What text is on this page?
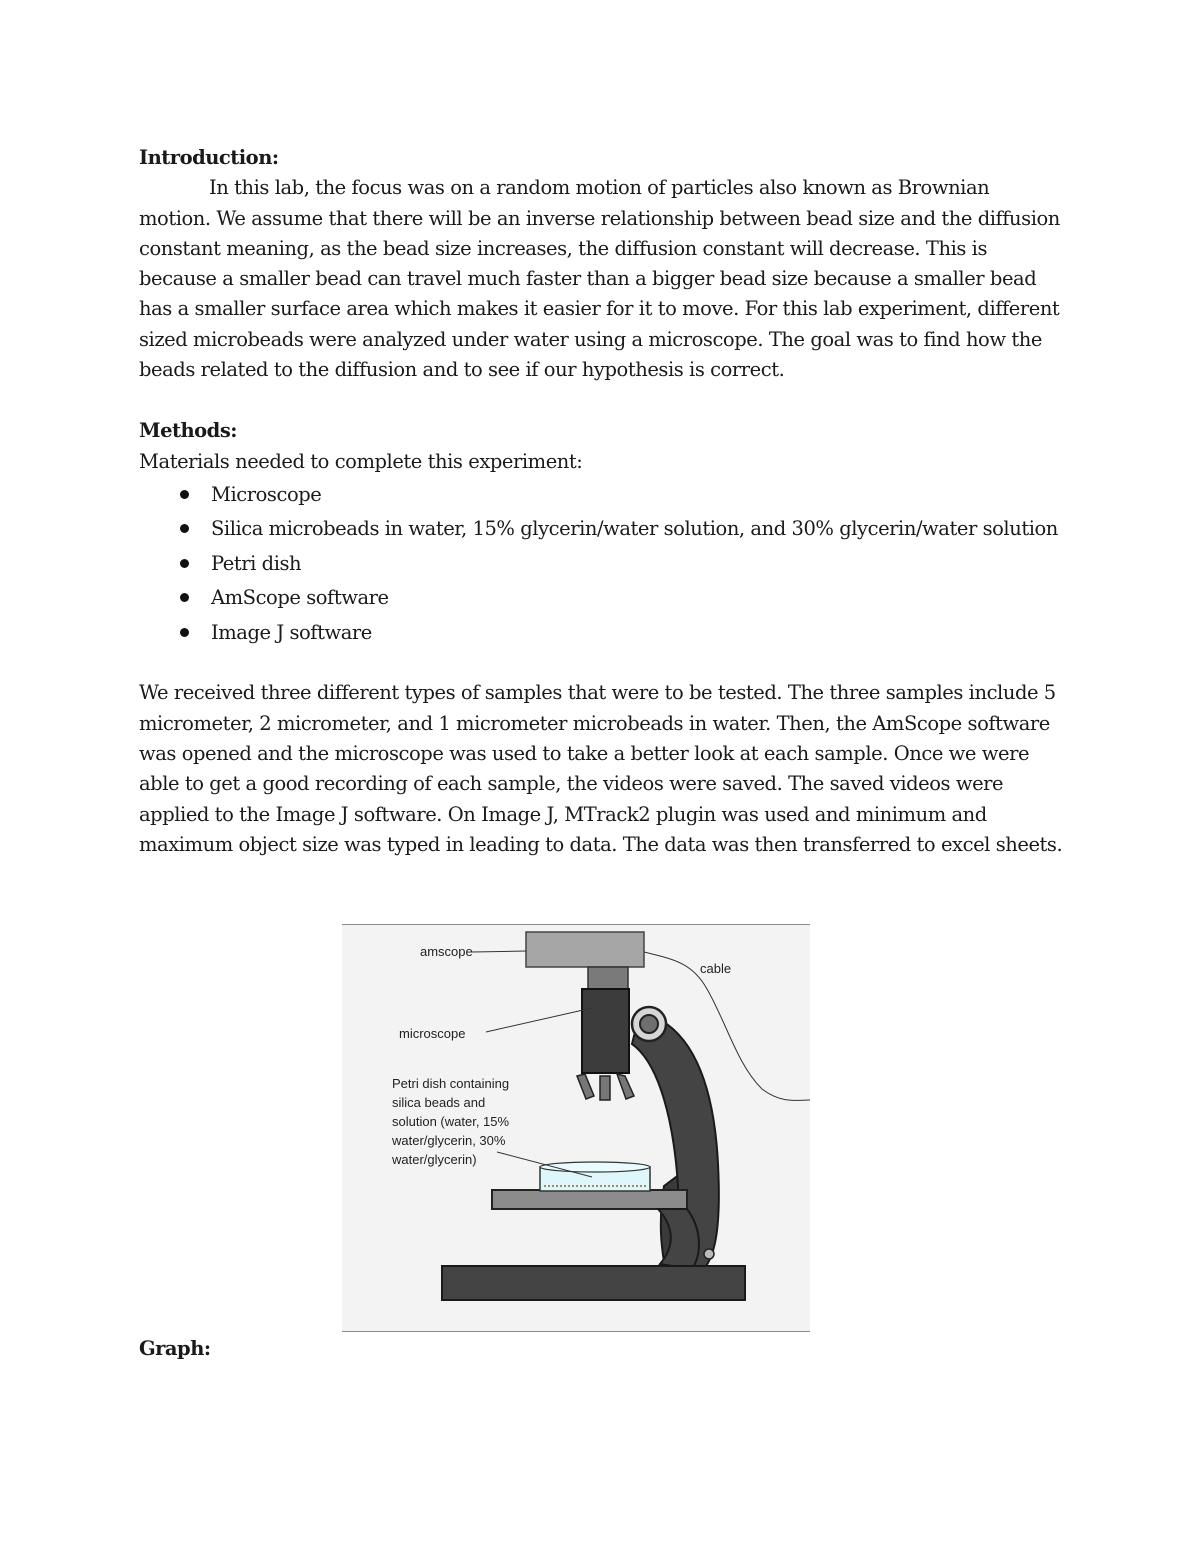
Introduction:

In this lab, the focus was on a random motion of particles also known as Brownian motion. We assume that there will be an inverse relationship between bead size and the diffusion constant meaning, as the bead size increases, the diffusion constant will decrease. This is because a smaller bead can travel much faster than a bigger bead size because a smaller bead has a smaller surface area which makes it easier for it to move. For this lab experiment, different sized microbeads were analyzed under water using a microscope. The goal was to find how the beads related to the diffusion and to see if our hypothesis is correct.

Methods:

Materials needed to complete this experiment:

Microscope
Silica microbeads in water, 15% glycerin/water solution, and 30% glycerin/water solution
Petri dish
AmScope software
Image J software

We received three different types of samples that were to be tested. The three samples include 5 micrometer, 2 micrometer, and 1 micrometer microbeads in water. Then, the AmScope software was opened and the microscope was used to take a better look at each sample. Once we were able to get a good recording of each sample, the videos were saved. The saved videos were applied to the Image J software. On Image J, MTrack2 plugin was used and minimum and maximum object size was typed in leading to data. The data was then transferred to excel sheets.

amscope
cable
microscope
Petri dish containing
silica beads and
solution (water, 15%
water/glycerin, 30%
water/glycerin)
Graph:
